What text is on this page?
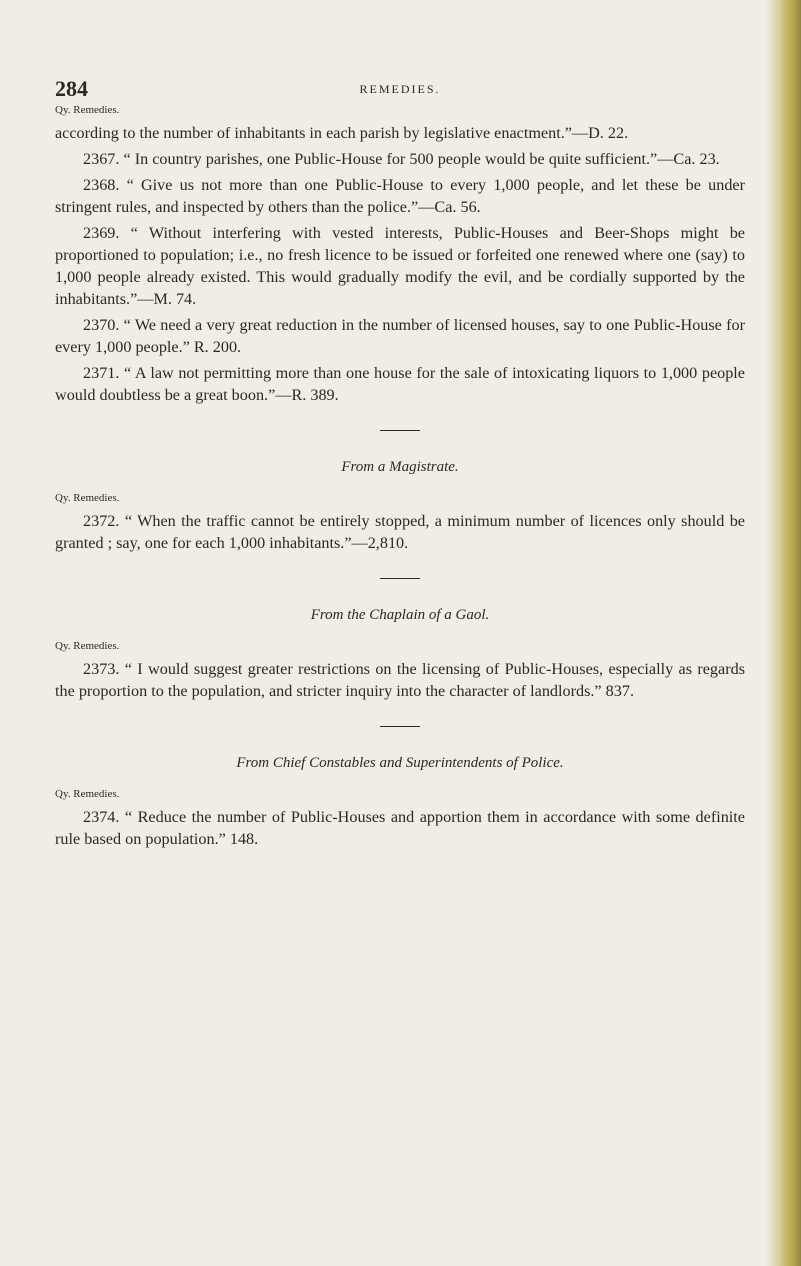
284	REMEDIES.

Qy. Remedies.

according to the number of inhabitants in each parish by legislative enactment.”—D. 22.

2367. “ In country parishes, one Public-House for 500 people would be quite sufficient.”—Ca. 23.

2368. “ Give us not more than one Public-House to every 1,000 people, and let these be under stringent rules, and inspected by others than the police.”—Ca. 56.

2369. “ Without interfering with vested interests, Public-Houses and Beer-Shops might be proportioned to population; i.e., no fresh licence to be issued or forfeited one renewed where one (say) to 1,000 people already existed. This would gradually modify the evil, and be cordially supported by the inhabitants.”—M. 74.

2370. “ We need a very great reduction in the number of licensed houses, say to one Public-House for every 1,000 people.” R. 200.

2371. “ A law not permitting more than one house for the sale of intoxicating liquors to 1,000 people would doubtless be a great boon.”—R. 389.

From a Magistrate.

Qy. Remedies.

2372. “ When the traffic cannot be entirely stopped, a minimum number of licences only should be granted ; say, one for each 1,000 inhabitants.”—2,810.

From the Chaplain of a Gaol.

Qy. Remedies.

2373. “ I would suggest greater restrictions on the licensing of Public-Houses, especially as regards the proportion to the population, and stricter inquiry into the character of landlords.” 837.

From Chief Constables and Superintendents of Police.

Qy. Remedies.

2374. “ Reduce the number of Public-Houses and apportion them in accordance with some definite rule based on population.” 148.
